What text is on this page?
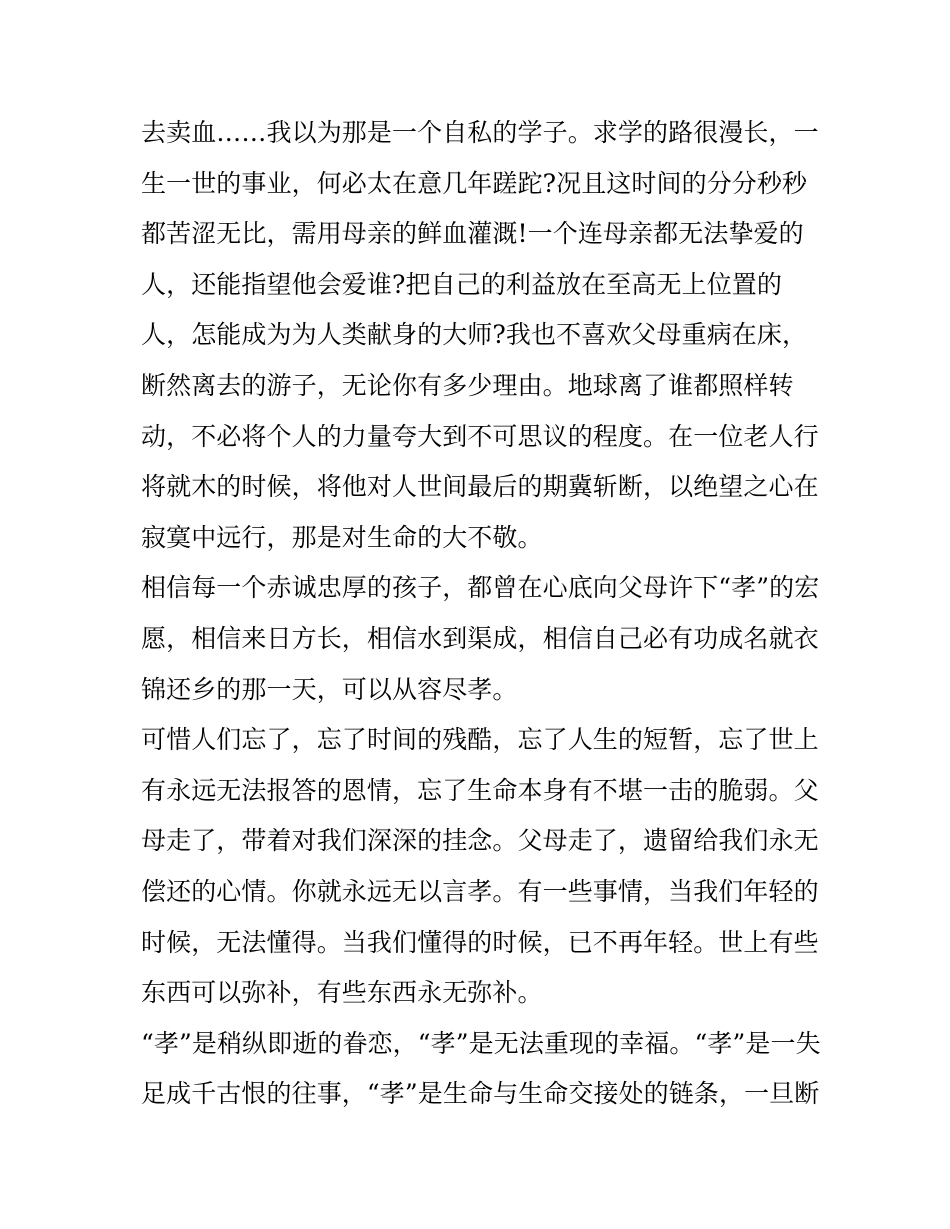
去卖血……我以为那是一个自私的学子。求学的路很漫长，一
生一世的事业，何必太在意几年蹉跎?况且这时间的分分秒秒
都苦涩无比，需用母亲的鲜血灌溉!一个连母亲都无法挚爱的
人，还能指望他会爱谁?把自己的利益放在至高无上位置的
人，怎能成为为人类献身的大师?我也不喜欢父母重病在床，
断然离去的游子，无论你有多少理由。地球离了谁都照样转
动，不必将个人的力量夸大到不可思议的程度。在一位老人行
将就木的时候，将他对人世间最后的期冀斩断，以绝望之心在
寂寞中远行，那是对生命的大不敬。
相信每一个赤诚忠厚的孩子，都曾在心底向父母许下“孝”的宏
愿，相信来日方长，相信水到渠成，相信自己必有功成名就衣
锦还乡的那一天，可以从容尽孝。
可惜人们忘了，忘了时间的残酷，忘了人生的短暂，忘了世上
有永远无法报答的恩情，忘了生命本身有不堪一击的脆弱。父
母走了，带着对我们深深的挂念。父母走了，遗留给我们永无
偿还的心情。你就永远无以言孝。有一些事情，当我们年轻的
时候，无法懂得。当我们懂得的时候，已不再年轻。世上有些
东西可以弥补，有些东西永无弥补。
“孝”是稍纵即逝的眷恋，“孝”是无法重现的幸福。“孝”是一失
足成千古恨的往事，“孝”是生命与生命交接处的链条，一旦断
